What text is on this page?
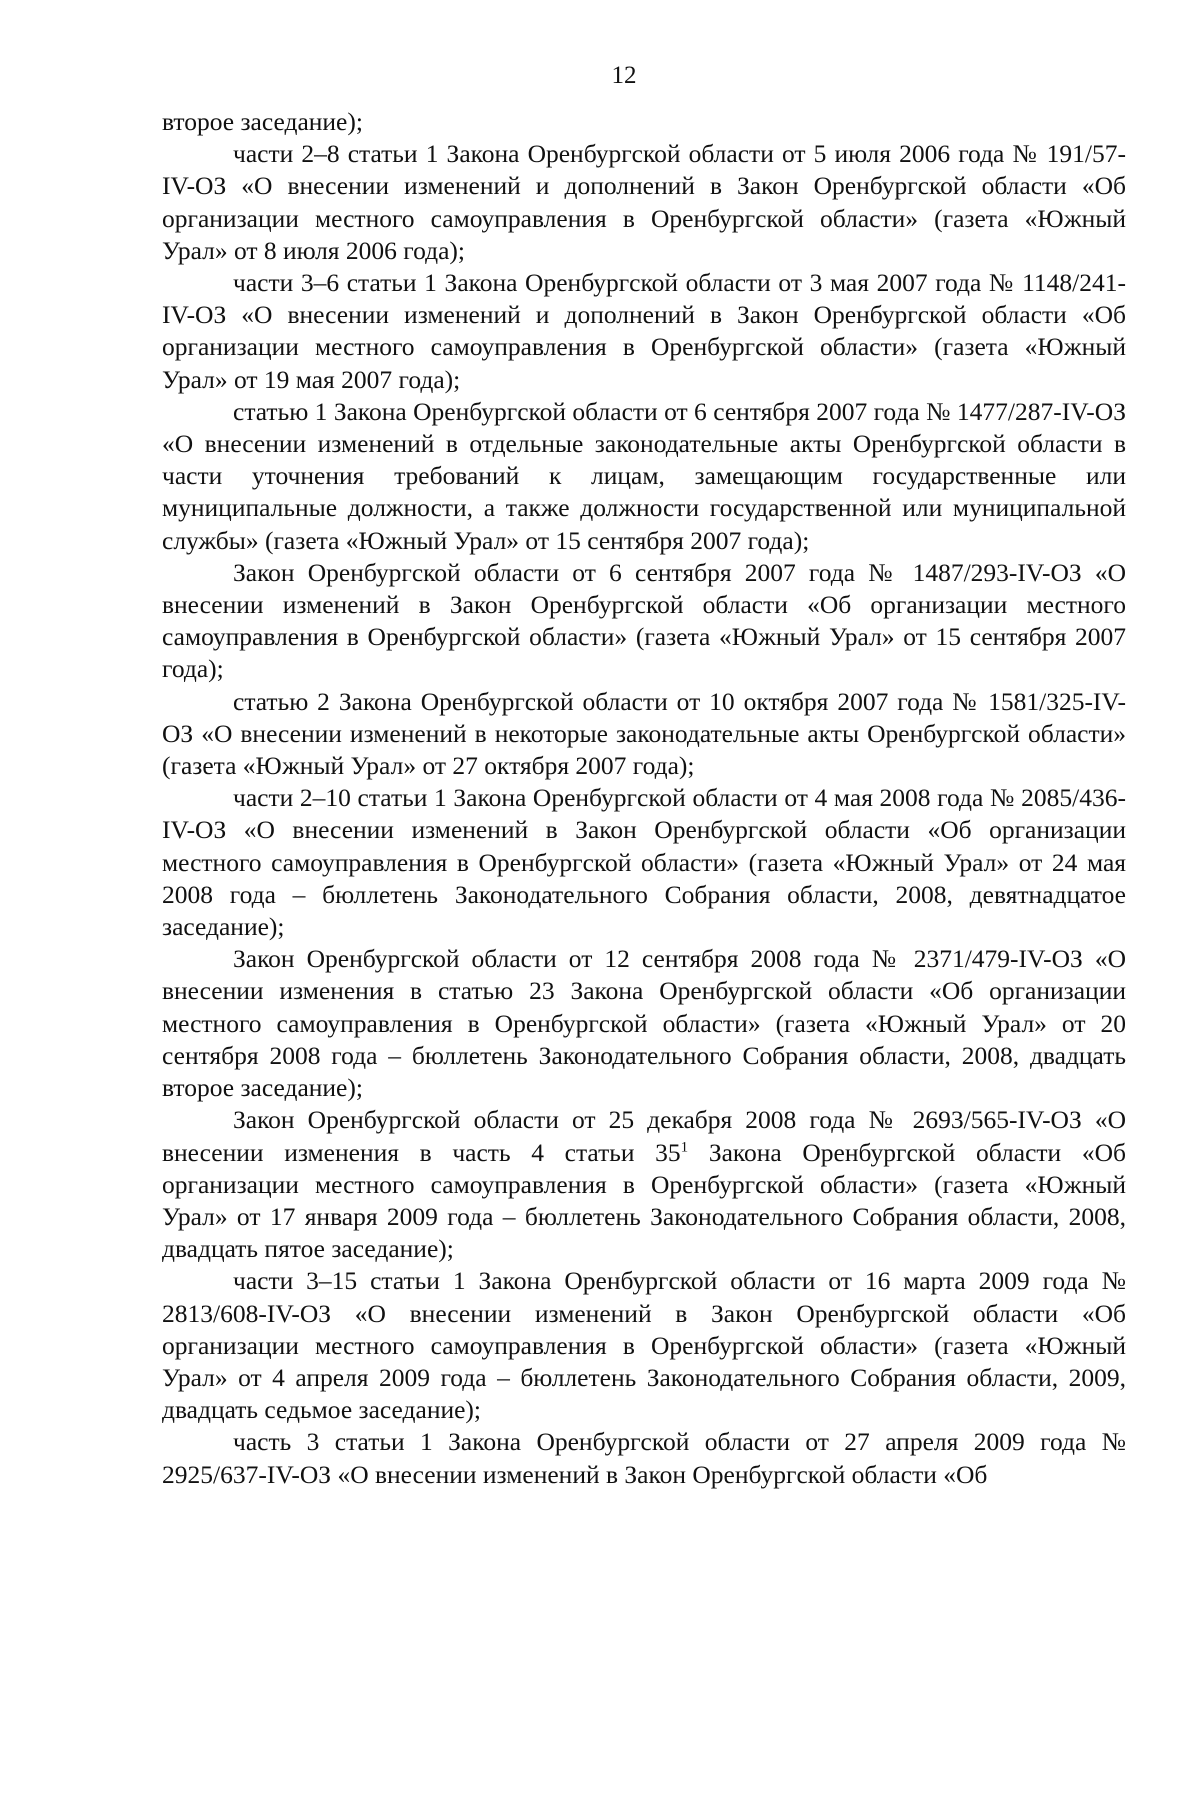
12

второе заседание);

части 2–8 статьи 1 Закона Оренбургской области от 5 июля 2006 года № 191/57-IV-ОЗ «О внесении изменений и дополнений в Закон Оренбургской области «Об организации местного самоуправления в Оренбургской области» (газета «Южный Урал» от 8 июля 2006 года);

части 3–6 статьи 1 Закона Оренбургской области от 3 мая 2007 года № 1148/241-IV-ОЗ «О внесении изменений и дополнений в Закон Оренбургской области «Об организации местного самоуправления в Оренбургской области» (газета «Южный Урал» от 19 мая 2007 года);

статью 1 Закона Оренбургской области от 6 сентября 2007 года № 1477/287-IV-ОЗ «О внесении изменений в отдельные законодательные акты Оренбургской области в части уточнения требований к лицам, замещающим государственные или муниципальные должности, а также должности государственной или муниципальной службы» (газета «Южный Урал» от 15 сентября 2007 года);

Закон Оренбургской области от 6 сентября 2007 года № 1487/293-IV-ОЗ «О внесении изменений в Закон Оренбургской области «Об организации местного самоуправления в Оренбургской области» (газета «Южный Урал» от 15 сентября 2007 года);

статью 2 Закона Оренбургской области от 10 октября 2007 года № 1581/325-IV-ОЗ «О внесении изменений в некоторые законодательные акты Оренбургской области» (газета «Южный Урал» от 27 октября 2007 года);

части 2–10 статьи 1 Закона Оренбургской области от 4 мая 2008 года № 2085/436-IV-ОЗ «О внесении изменений в Закон Оренбургской области «Об организации местного самоуправления в Оренбургской области» (газета «Южный Урал» от 24 мая 2008 года – бюллетень Законодательного Собрания области, 2008, девятнадцатое заседание);

Закон Оренбургской области от 12 сентября 2008 года № 2371/479-IV-ОЗ «О внесении изменения в статью 23 Закона Оренбургской области «Об организации местного самоуправления в Оренбургской области» (газета «Южный Урал» от 20 сентября 2008 года – бюллетень Законодательного Собрания области, 2008, двадцать второе заседание);

Закон Оренбургской области от 25 декабря 2008 года № 2693/565-IV-ОЗ «О внесении изменения в часть 4 статьи $35^1$ Закона Оренбургской области «Об организации местного самоуправления в Оренбургской области» (газета «Южный Урал» от 17 января 2009 года – бюллетень Законодательного Собрания области, 2008, двадцать пятое заседание);

части 3–15 статьи 1 Закона Оренбургской области от 16 марта 2009 года № 2813/608-IV-ОЗ «О внесении изменений в Закон Оренбургской области «Об организации местного самоуправления в Оренбургской области» (газета «Южный Урал» от 4 апреля 2009 года – бюллетень Законодательного Собрания области, 2009, двадцать седьмое заседание);

часть 3 статьи 1 Закона Оренбургской области от 27 апреля 2009 года № 2925/637-IV-ОЗ «О внесении изменений в Закон Оренбургской области «Об
